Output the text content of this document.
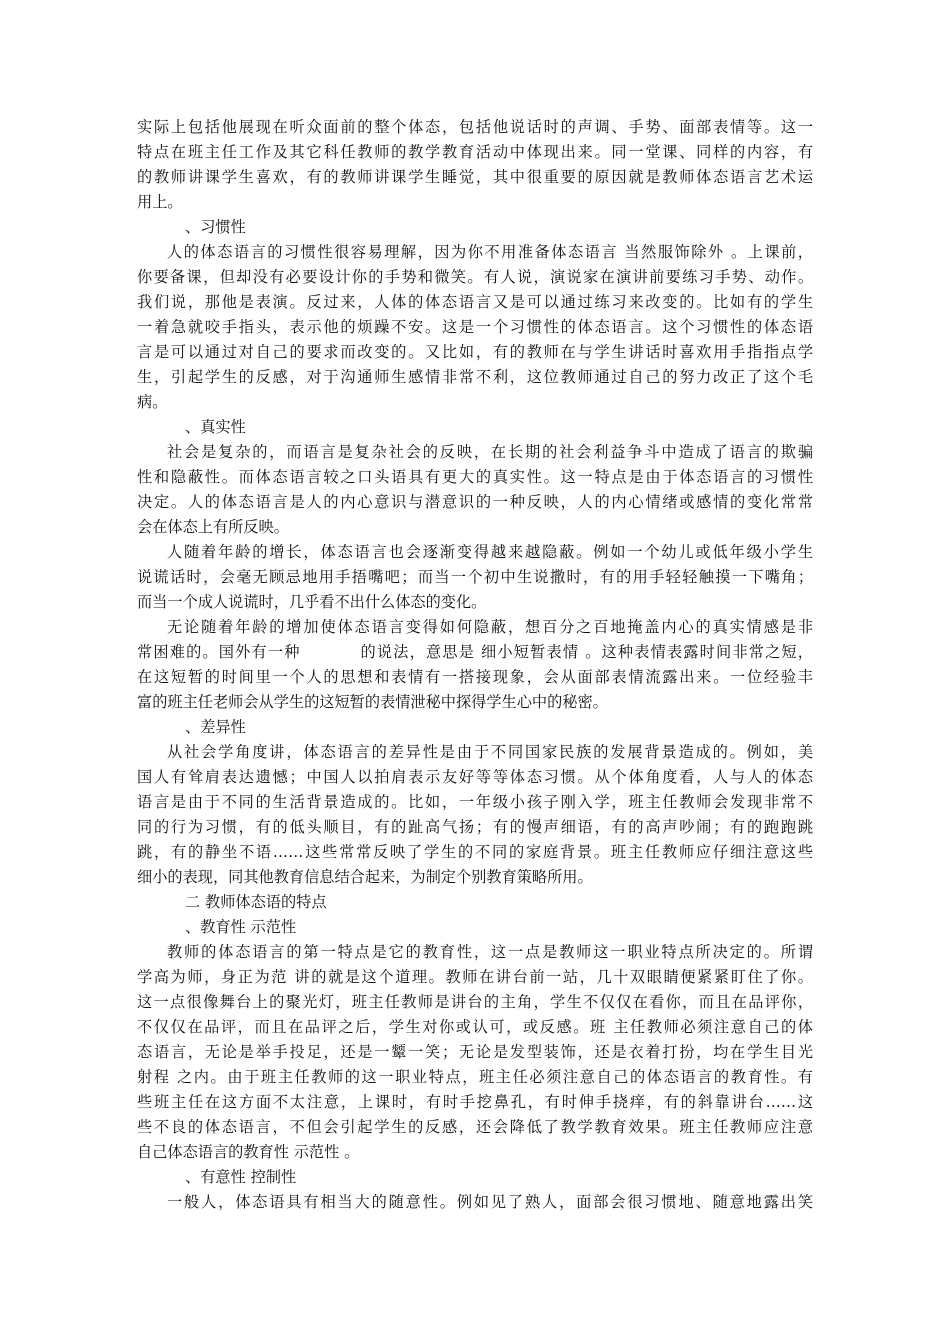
实际上包括他展现在听众面前的整个体态，包括他说话时的声调、手势、面部表情等。这一
特点在班主任工作及其它科任教师的教学教育活动中体现出来。同一堂课、同样的内容，有
的教师讲课学生喜欢，有的教师讲课学生睡觉，其中很重要的原因就是教师体态语言艺术运
用上。
、习惯性
人的体态语言的习惯性很容易理解，因为你不用准备体态语言 当然服饰除外 。上课前，
你要备课，但却没有必要设计你的手势和微笑。有人说，演说家在演讲前要练习手势、动作。
我们说，那他是表演。反过来，人体的体态语言又是可以通过练习来改变的。比如有的学生
一着急就咬手指头，表示他的烦躁不安。这是一个习惯性的体态语言。这个习惯性的体态语
言是可以通过对自己的要求而改变的。又比如，有的教师在与学生讲话时喜欢用手指指点学
生，引起学生的反感，对于沟通师生感情非常不利，这位教师通过自己的努力改正了这个毛
病。
、真实性
社会是复杂的，而语言是复杂社会的反映，在长期的社会利益争斗中造成了语言的欺骗
性和隐蔽性。而体态语言较之口头语具有更大的真实性。这一特点是由于体态语言的习惯性
决定。人的体态语言是人的内心意识与潜意识的一种反映，人的内心情绪或感情的变化常常
会在体态上有所反映。
人随着年龄的增长，体态语言也会逐渐变得越来越隐蔽。例如一个幼儿或低年级小学生
说谎话时，会毫无顾忌地用手捂嘴吧；而当一个初中生说撒时，有的用手轻轻触摸一下嘴角；
而当一个成人说谎时，几乎看不出什么体态的变化。
无论随着年龄的增加使体态语言变得如何隐蔽，想百分之百地掩盖内心的真实情感是非
常困难的。国外有一种          的说法，意思是 细小短暂表情 。这种表情表露时间非常之短，
在这短暂的时间里一个人的思想和表情有一搭接现象，会从面部表情流露出来。一位经验丰
富的班主任老师会从学生的这短暂的表情泄秘中探得学生心中的秘密。
、差异性
从社会学角度讲，体态语言的差异性是由于不同国家民族的发展背景造成的。例如，美
国人有耸肩表达遗憾；中国人以拍肩表示友好等等体态习惯。从个体角度看，人与人的体态
语言是由于不同的生活背景造成的。比如，一年级小孩子刚入学，班主任教师会发现非常不
同的行为习惯，有的低头顺目，有的趾高气扬；有的慢声细语，有的高声吵闹；有的跑跑跳
跳，有的静坐不语……这些常常反映了学生的不同的家庭背景。班主任教师应仔细注意这些
细小的表现，同其他教育信息结合起来，为制定个别教育策略所用。
二 教师体态语的特点
、教育性 示范性
教师的体态语言的第一特点是它的教育性，这一点是教师这一职业特点所决定的。所谓
学高为师，身正为范 讲的就是这个道理。教师在讲台前一站，几十双眼睛便紧紧盯住了你。
这一点很像舞台上的聚光灯，班主任教师是讲台的主角，学生不仅仅在看你，而且在品评你，
不仅仅在品评，而且在品评之后，学生对你或认可，或反感。班 主任教师必须注意自己的体
态语言，无论是举手投足，还是一颦一笑；无论是发型装饰，还是衣着打扮，均在学生目光
射程 之内。由于班主任教师的这一职业特点，班主任必须注意自己的体态语言的教育性。有
些班主任在这方面不太注意，上课时，有时手挖鼻孔，有时伸手挠痒，有的斜靠讲台……这
些不良的体态语言，不但会引起学生的反感，还会降低了教学教育效果。班主任教师应注意
自己体态语言的教育性 示范性 。
、有意性 控制性
一般人，体态语具有相当大的随意性。例如见了熟人，面部会很习惯地、随意地露出笑
